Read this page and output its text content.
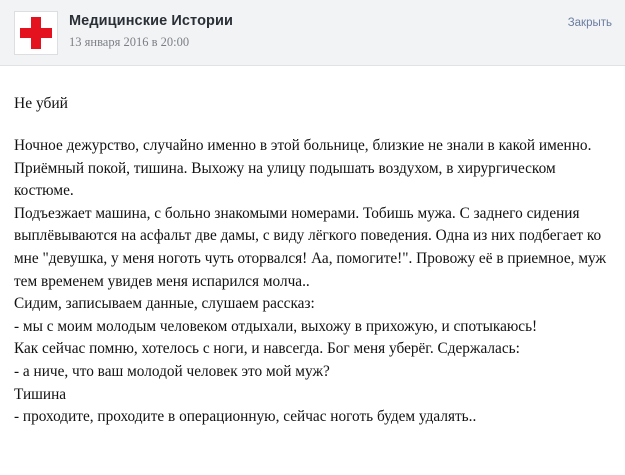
Медицинские Истории
13 января 2016 в 20:00
Закрыть
Не убий

Ночное дежурство, случайно именно в этой больнице, близкие не знали в какой именно. Приёмный покой, тишина. Выхожу на улицу подышать воздухом, в хирургическом костюме.

Подъезжает машина, с больно знакомыми номерами. Тобишь мужа. С заднего сидения выплёвываются на асфальт две дамы, с виду лёгкого поведения. Одна из них подбегает ко мне "девушка, у меня ноготь чуть оторвался! Аа, помогите!". Провожу её в приемное, муж тем временем увидев меня испарился молча..

Сидим, записываем данные, слушаем рассказ:

- мы с моим молодым человеком отдыхали, выхожу в прихожую, и спотыкаюсь!

Как сейчас помню, хотелось с ноги, и навсегда. Бог меня уберёг. Сдержалась:

- а ниче, что ваш молодой человек это мой муж?

Тишина

- проходите, проходите в операционную, сейчас ноготь будем удалять..
